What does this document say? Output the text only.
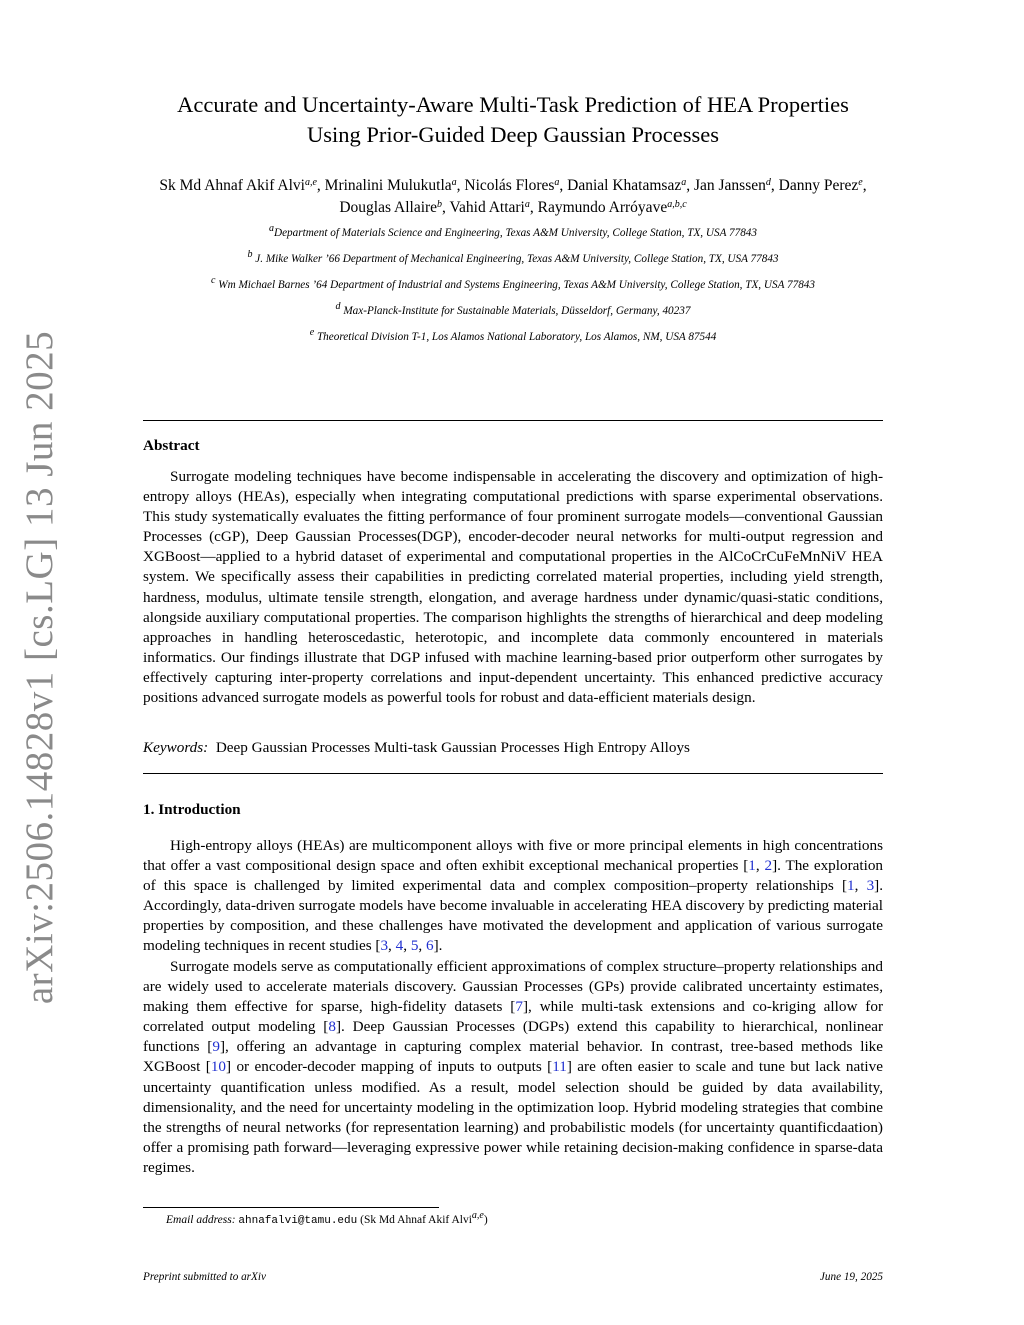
arXiv:2506.14828v1 [cs.LG] 13 Jun 2025
Accurate and Uncertainty-Aware Multi-Task Prediction of HEA Properties
Using Prior-Guided Deep Gaussian Processes
Sk Md Ahnaf Akif Alvi$^{a,e}$, Mrinalini Mulukutla$^a$, Nicolás Flores$^a$, Danial Khatamsaz$^a$, Jan Janssen$^d$, Danny Perez$^e$, Douglas Allaire$^b$, Vahid Attari$^a$, Raymundo Arróyave$^{a,b,c}$
$^a$Department of Materials Science and Engineering, Texas A&M University, College Station, TX, USA 77843
$^b$ J. Mike Walker ’66 Department of Mechanical Engineering, Texas A&M University, College Station, TX, USA 77843
$^c$ Wm Michael Barnes ’64 Department of Industrial and Systems Engineering, Texas A&M University, College Station, TX, USA 77843
$^d$ Max-Planck-Institute for Sustainable Materials, Düsseldorf, Germany, 40237
$^e$ Theoretical Division T-1, Los Alamos National Laboratory, Los Alamos, NM, USA 87544
Abstract

Surrogate modeling techniques have become indispensable in accelerating the discovery and optimization of high-entropy alloys (HEAs), especially when integrating computational predictions with sparse experimental observations. This study systematically evaluates the fitting performance of four prominent surrogate models—conventional Gaussian Processes (cGP), Deep Gaussian Processes(DGP), encoder-decoder neural networks for multi-output regression and XGBoost—applied to a hybrid dataset of experimental and computational properties in the AlCoCrCuFeMnNiV HEA system. We specifically assess their capabilities in predicting correlated material properties, including yield strength, hardness, modulus, ultimate tensile strength, elongation, and average hardness under dynamic/quasi-static conditions, alongside auxiliary computational properties. The comparison highlights the strengths of hierarchical and deep modeling approaches in handling heteroscedastic, heterotopic, and incomplete data commonly encountered in materials informatics. Our findings illustrate that DGP infused with machine learning-based prior outperform other surrogates by effectively capturing inter-property correlations and input-dependent uncertainty. This enhanced predictive accuracy positions advanced surrogate models as powerful tools for robust and data-efficient materials design.

Keywords: Deep Gaussian Processes Multi-task Gaussian Processes High Entropy Alloys

1. Introduction

High-entropy alloys (HEAs) are multicomponent alloys with five or more principal elements in high concentrations that offer a vast compositional design space and often exhibit exceptional mechanical properties [1, 2]. The exploration of this space is challenged by limited experimental data and complex composition–property relationships [1, 3]. Accordingly, data-driven surrogate models have become invaluable in accelerating HEA discovery by predicting material properties by composition, and these challenges have motivated the development and application of various surrogate modeling techniques in recent studies [3, 4, 5, 6].

Surrogate models serve as computationally efficient approximations of complex structure–property relationships and are widely used to accelerate materials discovery. Gaussian Processes (GPs) provide calibrated uncertainty estimates, making them effective for sparse, high-fidelity datasets [7], while multi-task extensions and co-kriging allow for correlated output modeling [8]. Deep Gaussian Processes (DGPs) extend this capability to hierarchical, nonlinear functions [9], offering an advantage in capturing complex material behavior. In contrast, tree-based methods like XGBoost [10] or encoder-decoder mapping of inputs to outputs [11] are often easier to scale and tune but lack native uncertainty quantification unless modified. As a result, model selection should be guided by data availability, dimensionality, and the need for uncertainty modeling in the optimization loop. Hybrid modeling strategies that combine the strengths of neural networks (for representation learning) and probabilistic models (for uncertainty quantificdaation) offer a promising path forward—leveraging expressive power while retaining decision-making confidence in sparse-data regimes.

Email address: ahnafalvi@tamu.edu (Sk Md Ahnaf Akif Alvi$^{a,e}$)
Preprint submitted to arXiv	June 19, 2025
